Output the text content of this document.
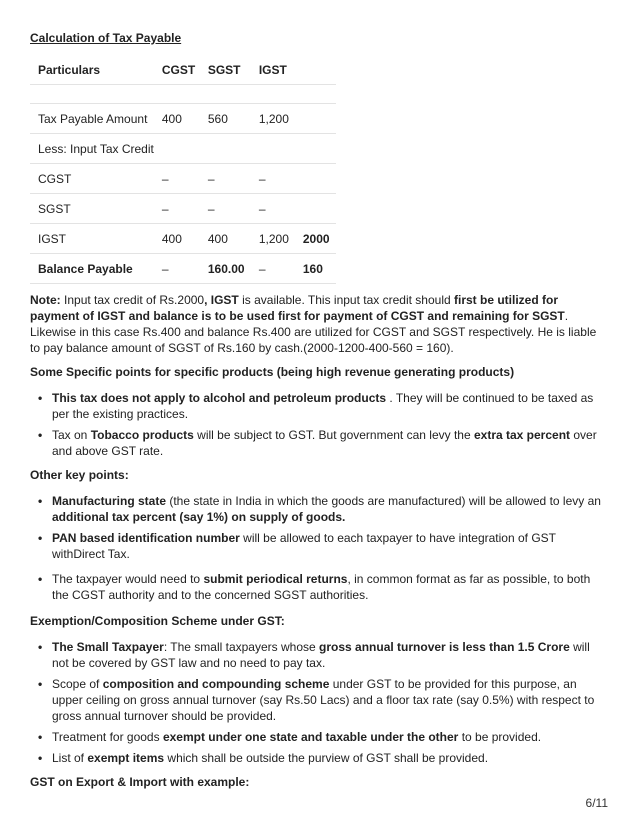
Calculation of Tax Payable
Particulars	CGST	SGST	IGST	

Tax Payable Amount	400	560	1,200	
Less: Input Tax Credit				
CGST	–	–	–	
SGST	–	–	–	
IGST	400	400	1,200	2000
Balance Payable	–	160.00	–	160

Note: Input tax credit of Rs.2000, IGST is available. This input tax credit should first be utilized for payment of IGST and balance is to be used first for payment of CGST and remaining for SGST. Likewise in this case Rs.400 and balance Rs.400 are utilized for CGST and SGST respectively. He is liable to pay balance amount of SGST of Rs.160 by cash.(2000-1200-400-560 = 160).

Some Specific points for specific products (being high revenue generating products)

• This tax does not apply to alcohol and petroleum products . They will be continued to be taxed as per the existing practices.
• Tax on Tobacco products will be subject to GST. But government can levy the extra tax percent over and above GST rate.

Other key points:

• Manufacturing state (the state in India in which the goods are manufactured) will be allowed to levy an additional tax percent (say 1%) on supply of goods.
• PAN based identification number will be allowed to each taxpayer to have integration of GST withDirect Tax.
• The taxpayer would need to submit periodical returns, in common format as far as possible, to both the CGST authority and to the concerned SGST authorities.

Exemption/Composition Scheme under GST:

• The Small Taxpayer: The small taxpayers whose gross annual turnover is less than 1.5 Crore will not be covered by GST law and no need to pay tax.
• Scope of composition and compounding scheme under GST to be provided for this purpose, an upper ceiling on gross annual turnover (say Rs.50 Lacs) and a floor tax rate (say 0.5%) with respect to gross annual turnover should be provided.
• Treatment for goods exempt under one state and taxable under the other to be provided.
• List of exempt items which shall be outside the purview of GST shall be provided.

GST on Export & Import with example:

6/11
